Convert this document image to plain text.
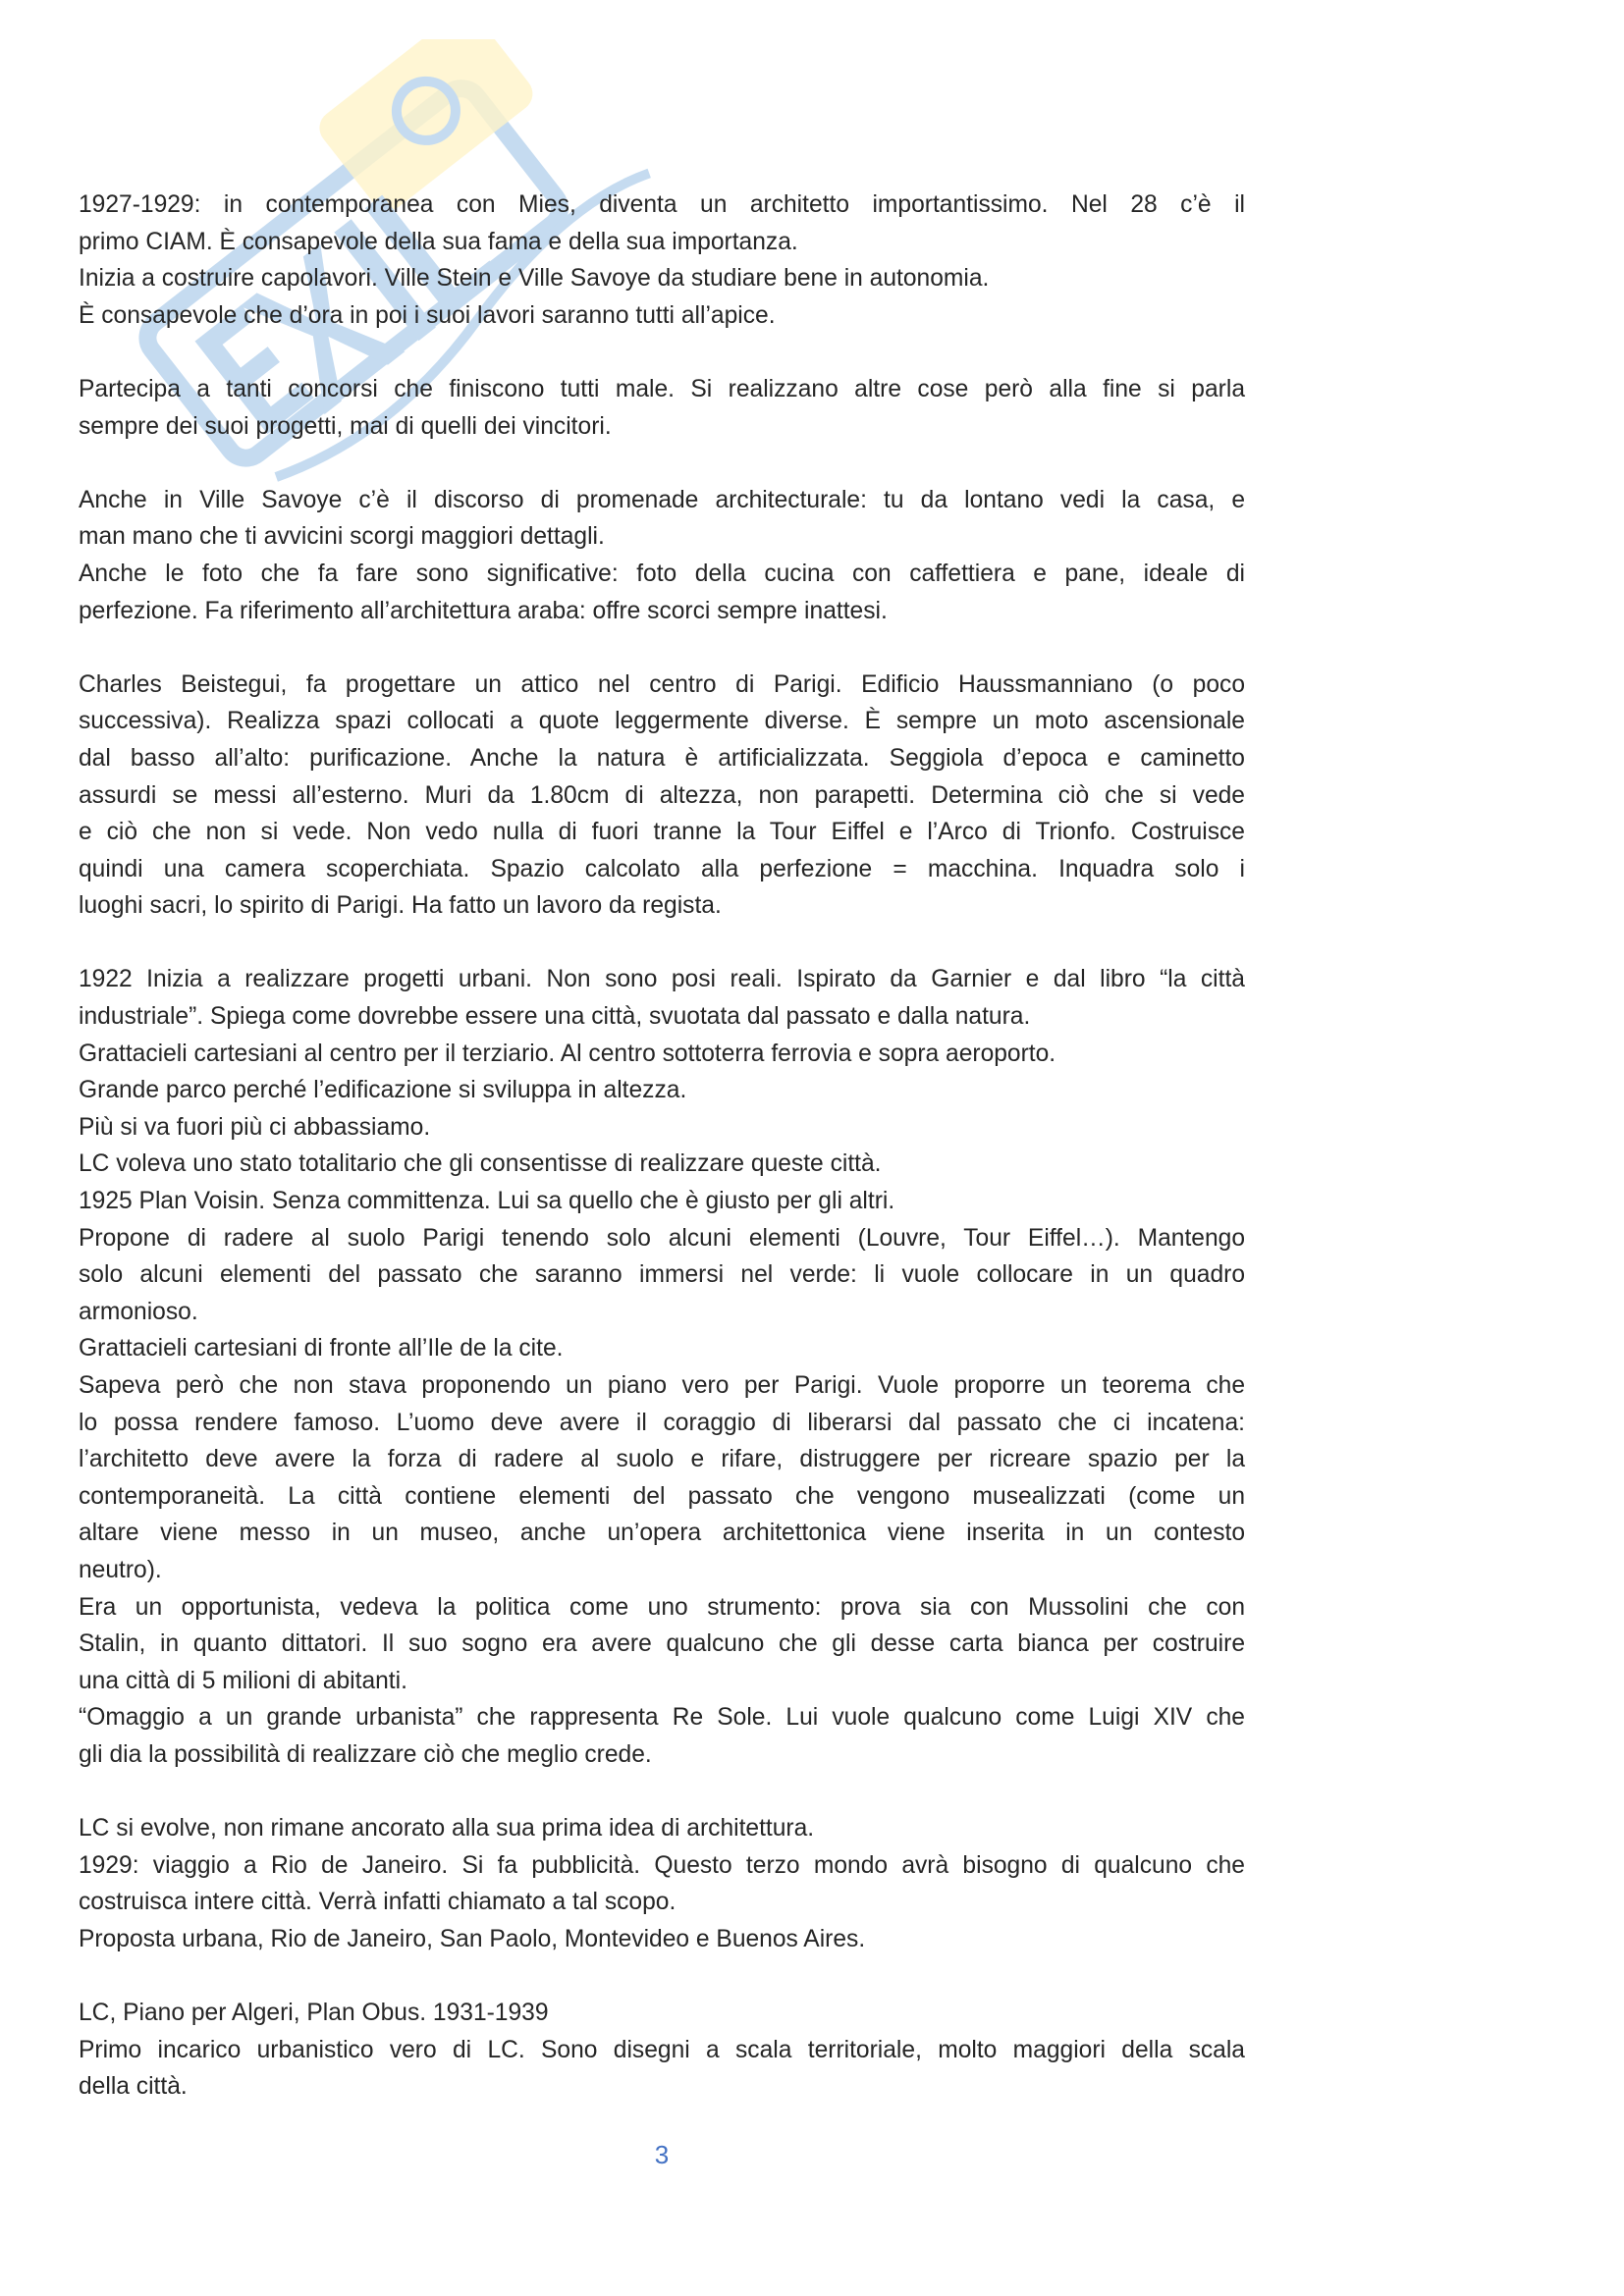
1927-1929: in contemporanea con Mies, diventa un architetto importantissimo. Nel 28 c’è il
primo CIAM. È consapevole della sua fama e della sua importanza.
Inizia a costruire capolavori. Ville Stein e Ville Savoye da studiare bene in autonomia.
È consapevole che d’ora in poi i suoi lavori saranno tutti all’apice.
Partecipa a tanti concorsi che finiscono tutti male. Si realizzano altre cose però alla fine si parla
sempre dei suoi progetti, mai di quelli dei vincitori.
Anche in Ville Savoye c’è il discorso di promenade architecturale: tu da lontano vedi la casa, e
man mano che ti avvicini scorgi maggiori dettagli.
Anche le foto che fa fare sono significative: foto della cucina con caffettiera e pane, ideale di
perfezione. Fa riferimento all’architettura araba: offre scorci sempre inattesi.
Charles Beistegui, fa progettare un attico nel centro di Parigi. Edificio Haussmanniano (o poco
successiva). Realizza spazi collocati a quote leggermente diverse. È sempre un moto ascensionale
dal basso all’alto: purificazione. Anche la natura è artificializzata. Seggiola d’epoca e caminetto
assurdi se messi all’esterno. Muri da 1.80cm di altezza, non parapetti. Determina ciò che si vede
e ciò che non si vede. Non vedo nulla di fuori tranne la Tour Eiffel e l’Arco di Trionfo. Costruisce
quindi una camera scoperchiata. Spazio calcolato alla perfezione = macchina. Inquadra solo i
luoghi sacri, lo spirito di Parigi. Ha fatto un lavoro da regista.
1922 Inizia a realizzare progetti urbani. Non sono posi reali. Ispirato da Garnier e dal libro “la città
industriale”. Spiega come dovrebbe essere una città, svuotata dal passato e dalla natura.
Grattacieli cartesiani al centro per il terziario. Al centro sottoterra ferrovia e sopra aeroporto.
Grande parco perché l’edificazione si sviluppa in altezza.
Più si va fuori più ci abbassiamo.
LC voleva uno stato totalitario che gli consentisse di realizzare queste città.
1925 Plan Voisin. Senza committenza. Lui sa quello che è giusto per gli altri.
Propone di radere al suolo Parigi tenendo solo alcuni elementi (Louvre, Tour Eiffel…). Mantengo
solo alcuni elementi del passato che saranno immersi nel verde: li vuole collocare in un quadro
armonioso.
Grattacieli cartesiani di fronte all’Ile de la cite.
Sapeva però che non stava proponendo un piano vero per Parigi. Vuole proporre un teorema che
lo possa rendere famoso. L’uomo deve avere il coraggio di liberarsi dal passato che ci incatena:
l’architetto deve avere la forza di radere al suolo e rifare, distruggere per ricreare spazio per la
contemporaneità. La città contiene elementi del passato che vengono musealizzati (come un
altare viene messo in un museo, anche un’opera architettonica viene inserita in un contesto
neutro).
Era un opportunista, vedeva la politica come uno strumento: prova sia con Mussolini che con
Stalin, in quanto dittatori. Il suo sogno era avere qualcuno che gli desse carta bianca per costruire
una città di 5 milioni di abitanti.
“Omaggio a un grande urbanista” che rappresenta Re Sole. Lui vuole qualcuno come Luigi XIV che
gli dia la possibilità di realizzare ciò che meglio crede.
LC si evolve, non rimane ancorato alla sua prima idea di architettura.
1929: viaggio a Rio de Janeiro. Si fa pubblicità. Questo terzo mondo avrà bisogno di qualcuno che
costruisca intere città. Verrà infatti chiamato a tal scopo.
Proposta urbana, Rio de Janeiro, San Paolo, Montevideo e Buenos Aires.
LC, Piano per Algeri, Plan Obus. 1931-1939
Primo incarico urbanistico vero di LC. Sono disegni a scala territoriale, molto maggiori della scala
della città.
3
